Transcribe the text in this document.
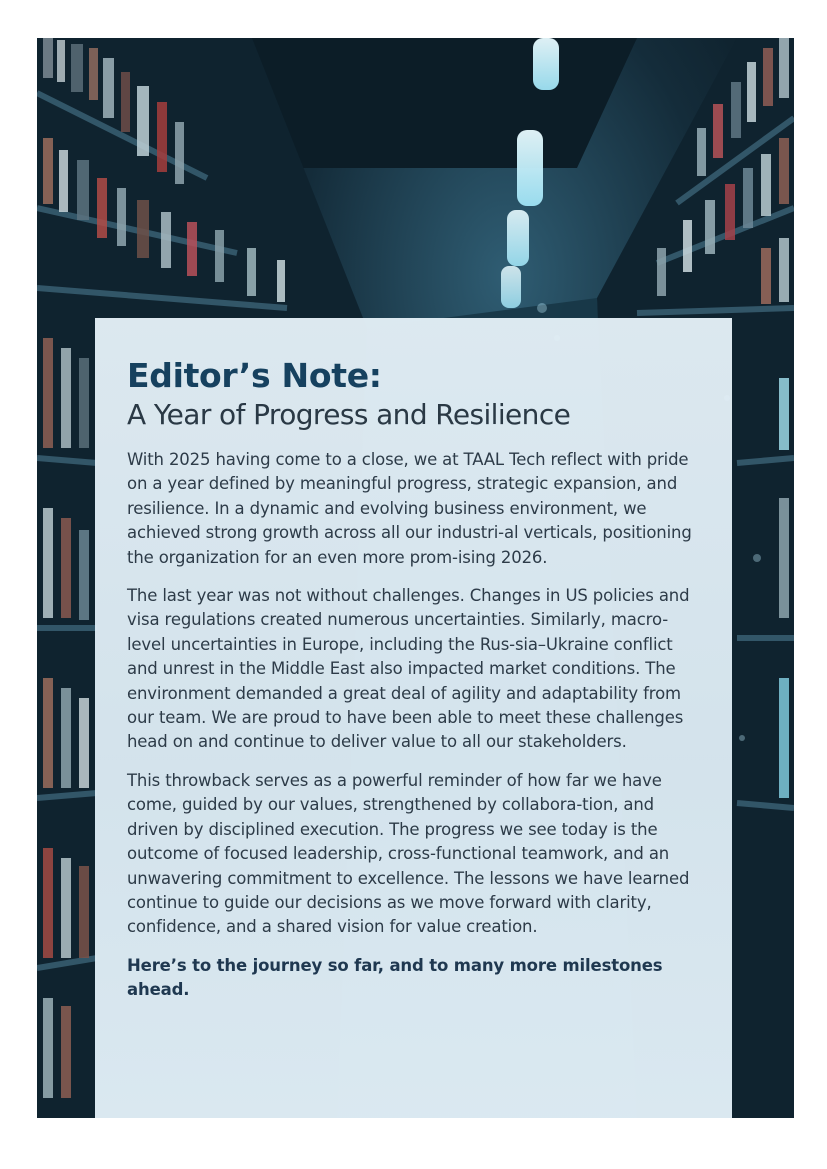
Editor’s Note:
A Year of Progress and Resilience

With 2025 having come to a close, we at TAAL Tech reflect with pride on a year defined by meaningful progress, strategic expansion, and resilience. In a dynamic and evolving business environment, we achieved strong growth across all our industri-al verticals, positioning the organization for an even more prom-ising 2026.

The last year was not without challenges. Changes in US policies and visa regulations created numerous uncertainties. Similarly, macro-level uncertainties in Europe, including the Rus-sia–Ukraine conflict and unrest in the Middle East also impacted market conditions. The environment demanded a great deal of agility and adaptability from our team. We are proud to have been able to meet these challenges head on and continue to deliver value to all our stakeholders.

This throwback serves as a powerful reminder of how far we have come, guided by our values, strengthened by collabora-tion, and driven by disciplined execution. The progress we see today is the outcome of focused leadership, cross-functional teamwork, and an unwavering commitment to excellence. The lessons we have learned continue to guide our decisions as we move forward with clarity, confidence, and a shared vision for value creation.

Here’s to the journey so far, and to many more milestones ahead.
